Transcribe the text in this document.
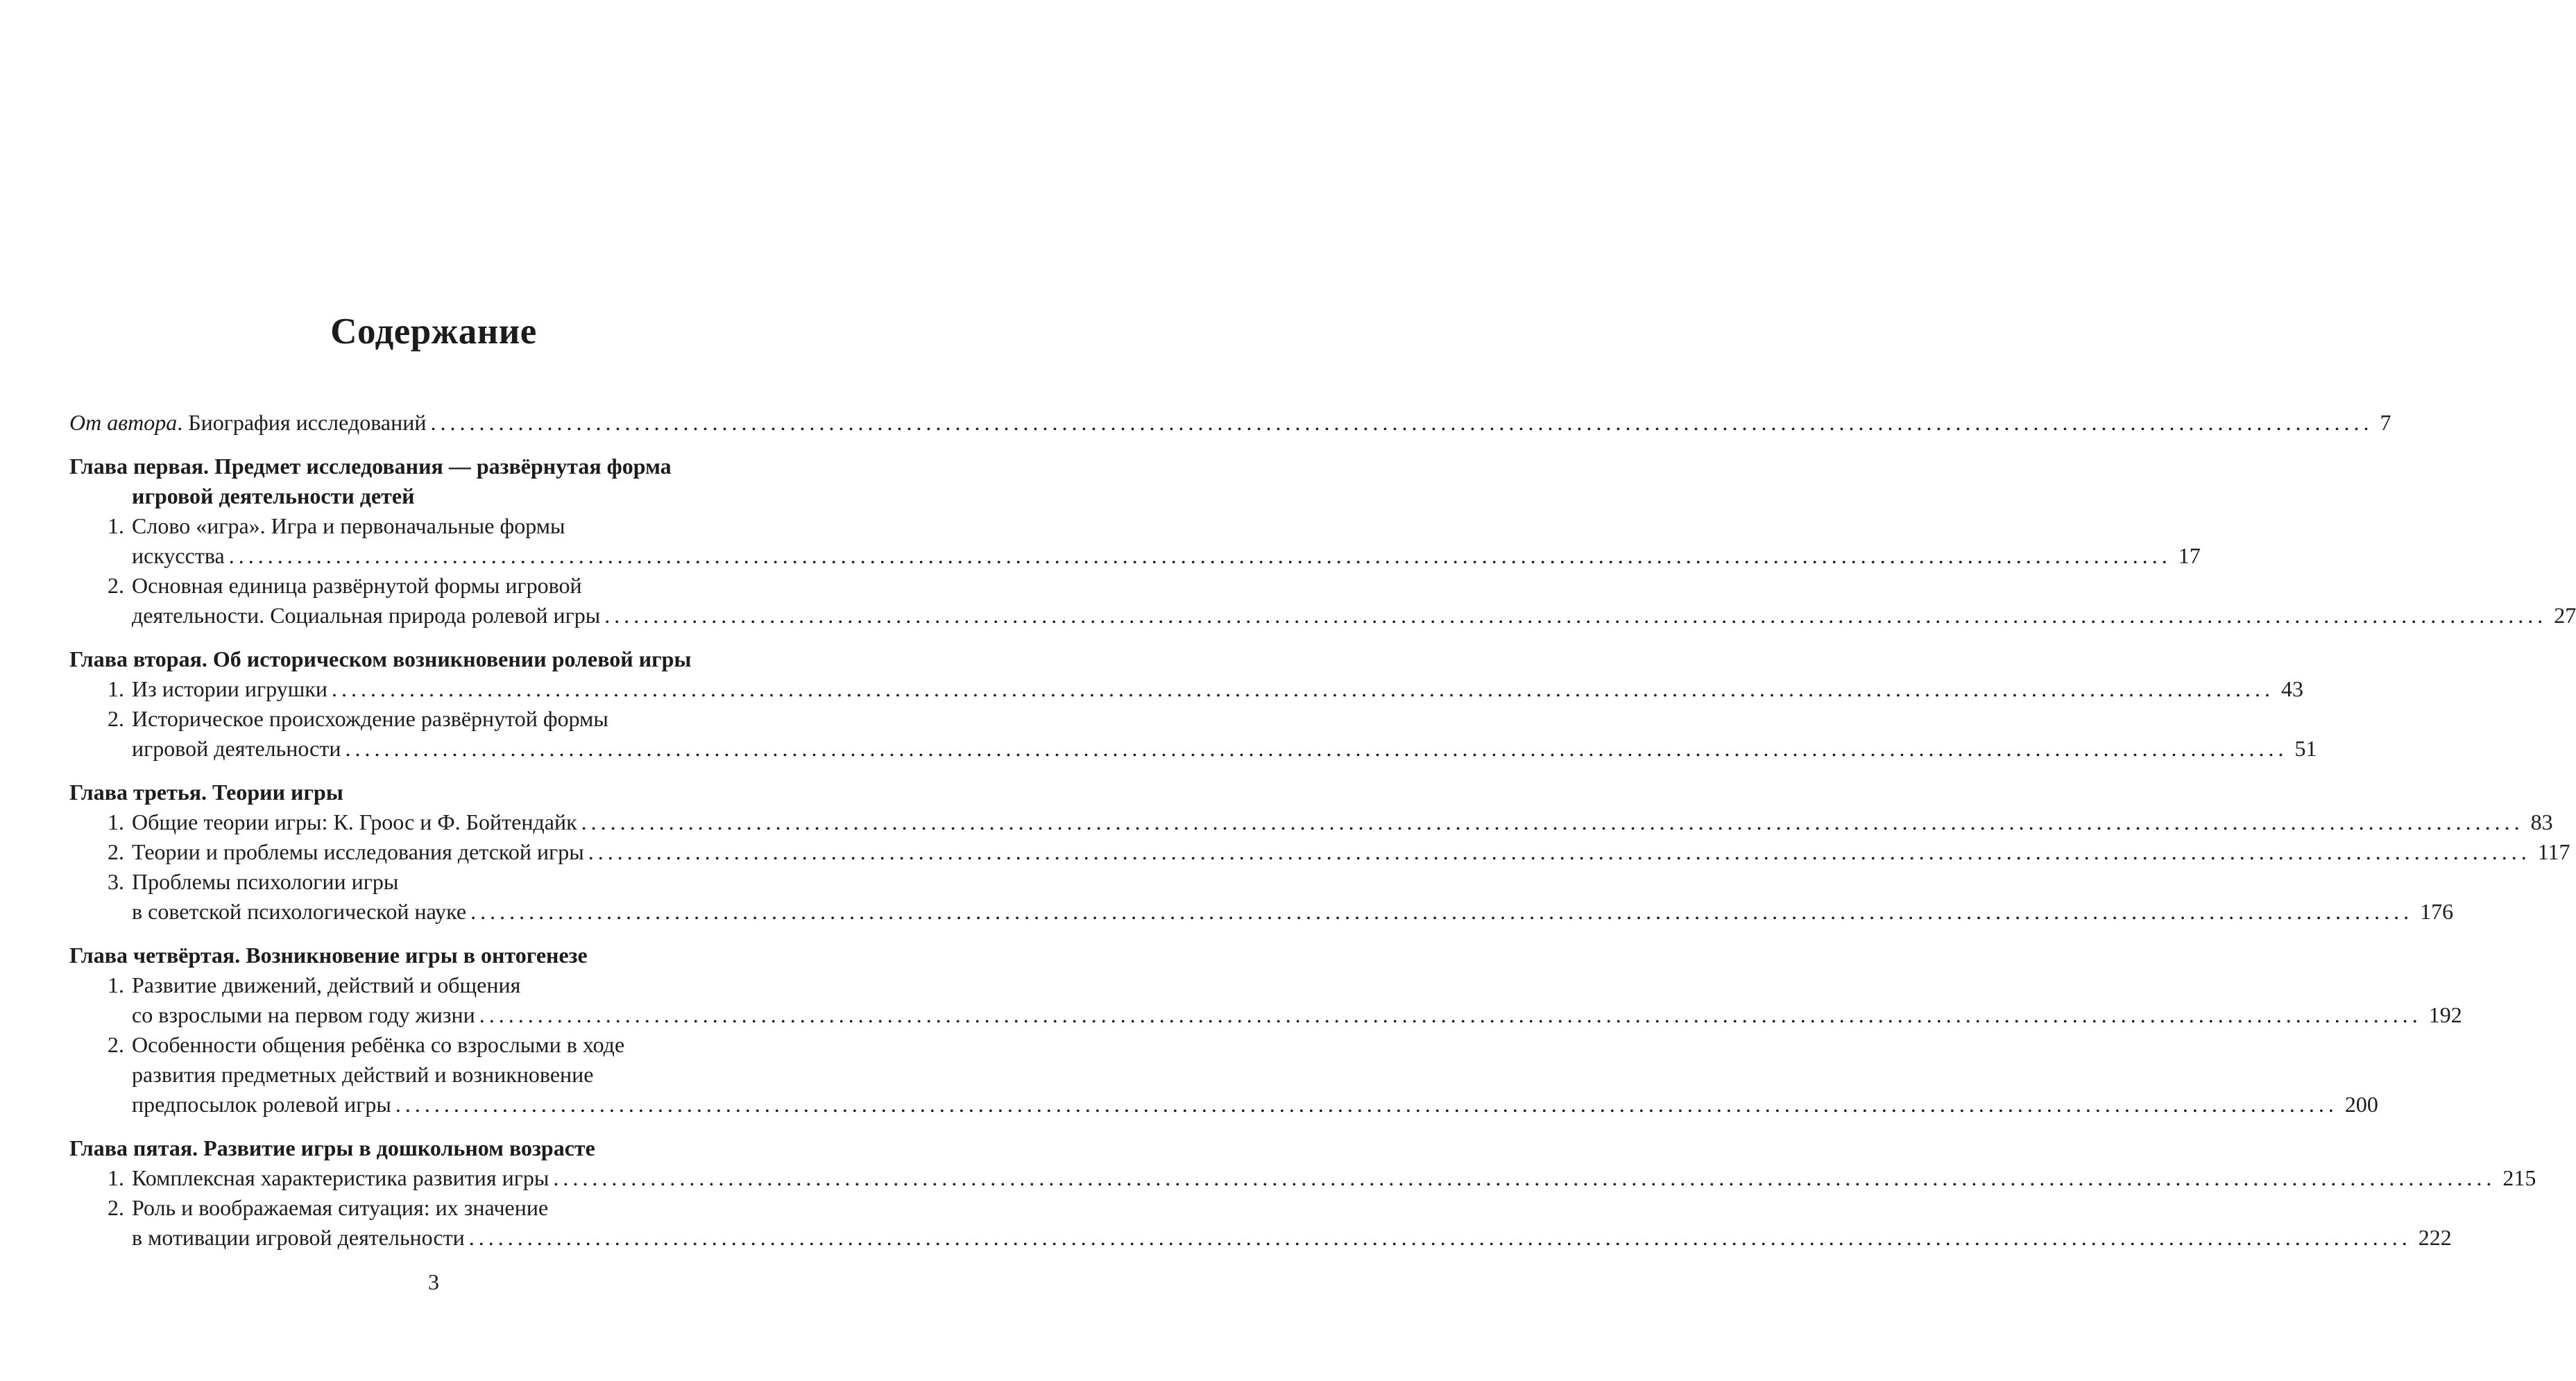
Содержание
От автора. Биография исследований ........................................................................................................................................................................................................ 7
Глава первая. Предмет исследования — развёрнутая форма
игровой деятельности детей
1. Слово «игра». Игра и первоначальные формы
искусства ........................................................................................................................................................................................................ 17
2. Основная единица развёрнутой формы игровой
деятельности. Социальная природа ролевой игры ........................................................................................................................................................................................................ 27
Глава вторая. Об историческом возникновении ролевой игры
1. Из истории игрушки ........................................................................................................................................................................................................ 43
2. Историческое происхождение развёрнутой формы
игровой деятельности ........................................................................................................................................................................................................ 51
Глава третья. Теории игры
1. Общие теории игры: К. Гроос и Ф. Бойтендайк ........................................................................................................................................................................................................ 83
2. Теории и проблемы исследования детской игры ........................................................................................................................................................................................................ 117
3. Проблемы психологии игры
в советской психологической науке ........................................................................................................................................................................................................ 176
Глава четвёртая. Возникновение игры в онтогенезе
1. Развитие движений, действий и общения
со взрослыми на первом году жизни ........................................................................................................................................................................................................ 192
2. Особенности общения ребёнка со взрослыми в ходе
развития предметных действий и возникновение
предпосылок ролевой игры ........................................................................................................................................................................................................ 200
Глава пятая. Развитие игры в дошкольном возрасте
1. Комплексная характеристика развития игры ........................................................................................................................................................................................................ 215
2. Роль и воображаемая ситуация: их значение
в мотивации игровой деятельности ........................................................................................................................................................................................................ 222
3
